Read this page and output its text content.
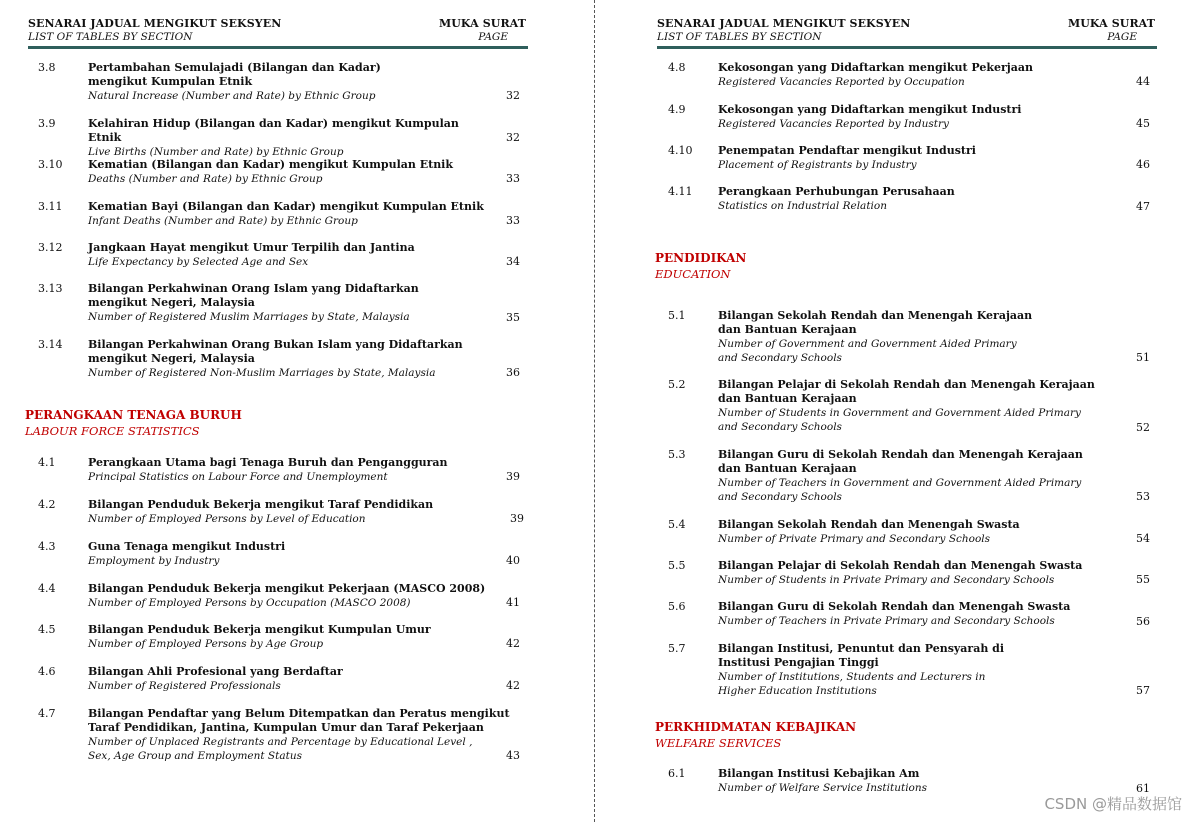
SENARAI JADUAL MENGIKUT SEKSYEN
LIST OF TABLES BY SECTION
MUKA SURAT
PAGE
3.8	Pertambahan Semulajadi (Bilangan dan Kadar)
mengikut Kumpulan Etnik
Natural Increase (Number and Rate) by Ethnic Group	32
3.9	Kelahiran Hidup (Bilangan dan Kadar) mengikut Kumpulan Etnik
Live Births (Number and Rate) by Ethnic Group
32
3.10 Kematian (Bilangan dan Kadar) mengikut Kumpulan Etnik
Deaths (Number and Rate) by Ethnic Group	33
3.11 Kematian Bayi (Bilangan dan Kadar) mengikut Kumpulan Etnik
Infant Deaths (Number and Rate) by Ethnic Group	33
3.12 Jangkaan Hayat mengikut Umur Terpilih dan Jantina
Life Expectancy by Selected Age and Sex	34
3.13 Bilangan Perkahwinan Orang Islam yang Didaftarkan
mengikut Negeri, Malaysia
Number of Registered Muslim Marriages by State, Malaysia	35
3.14 Bilangan Perkahwinan Orang Bukan Islam yang Didaftarkan
mengikut Negeri, Malaysia
Number of Registered Non-Muslim Marriages by State, Malaysia	36
PERANGKAAN TENAGA BURUH
LABOUR FORCE STATISTICS
4.1	Perangkaan Utama bagi Tenaga Buruh dan Pengangguran
Principal Statistics on Labour Force and Unemployment	39
4.2	Bilangan Penduduk Bekerja mengikut Taraf Pendidikan
Number of Employed Persons by Level of Education	39
4.3	Guna Tenaga mengikut Industri
Employment by Industry	40
4.4	Bilangan Penduduk Bekerja mengikut Pekerjaan (MASCO 2008)
Number of Employed Persons by Occupation (MASCO 2008)	41
4.5	Bilangan Penduduk Bekerja mengikut Kumpulan Umur
Number of Employed Persons by Age Group	42
4.6	Bilangan Ahli Profesional yang Berdaftar
Number of Registered Professionals	42
4.7	Bilangan Pendaftar yang Belum Ditempatkan dan Peratus mengikut
Taraf Pendidikan, Jantina, Kumpulan Umur dan Taraf Pekerjaan
Number of Unplaced Registrants and Percentage by Educational Level ,
Sex, Age Group and Employment Status	43
SENARAI JADUAL MENGIKUT SEKSYEN
LIST OF TABLES BY SECTION
MUKA SURAT
PAGE
4.8	Kekosongan yang Didaftarkan mengikut Pekerjaan
Registered Vacancies Reported by Occupation	44
4.9	Kekosongan yang Didaftarkan mengikut Industri
Registered Vacancies Reported by Industry	45
4.10 Penempatan Pendaftar mengikut Industri
Placement of Registrants by Industry	46
4.11 Perangkaan Perhubungan Perusahaan
Statistics on Industrial Relation	47
PENDIDIKAN
EDUCATION
5.1	Bilangan Sekolah Rendah dan Menengah Kerajaan
dan Bantuan Kerajaan
Number of Government and Government Aided Primary
and Secondary Schools	51
5.2	Bilangan Pelajar di Sekolah Rendah dan Menengah Kerajaan
dan Bantuan Kerajaan
Number of Students in Government and Government Aided Primary
and Secondary Schools	52
5.3	Bilangan Guru di Sekolah Rendah dan Menengah Kerajaan
dan Bantuan Kerajaan
Number of Teachers in Government and Government Aided Primary
and Secondary Schools	53
5.4	Bilangan Sekolah Rendah dan Menengah Swasta
Number of Private Primary and Secondary Schools	54
5.5	Bilangan Pelajar di Sekolah Rendah dan Menengah Swasta
Number of Students in Private Primary and Secondary Schools	55
5.6	Bilangan Guru di Sekolah Rendah dan Menengah Swasta
Number of Teachers in Private Primary and Secondary Schools	56
5.7	Bilangan Institusi, Penuntut dan Pensyarah di
Institusi Pengajian Tinggi
Number of Institutions, Students and Lecturers in
Higher Education Institutions	57
PERKHIDMATAN KEBAJIKAN
WELFARE SERVICES
6.1	Bilangan Institusi Kebajikan Am
Number of Welfare Service Institutions	61
CSDN @精品数据馆
